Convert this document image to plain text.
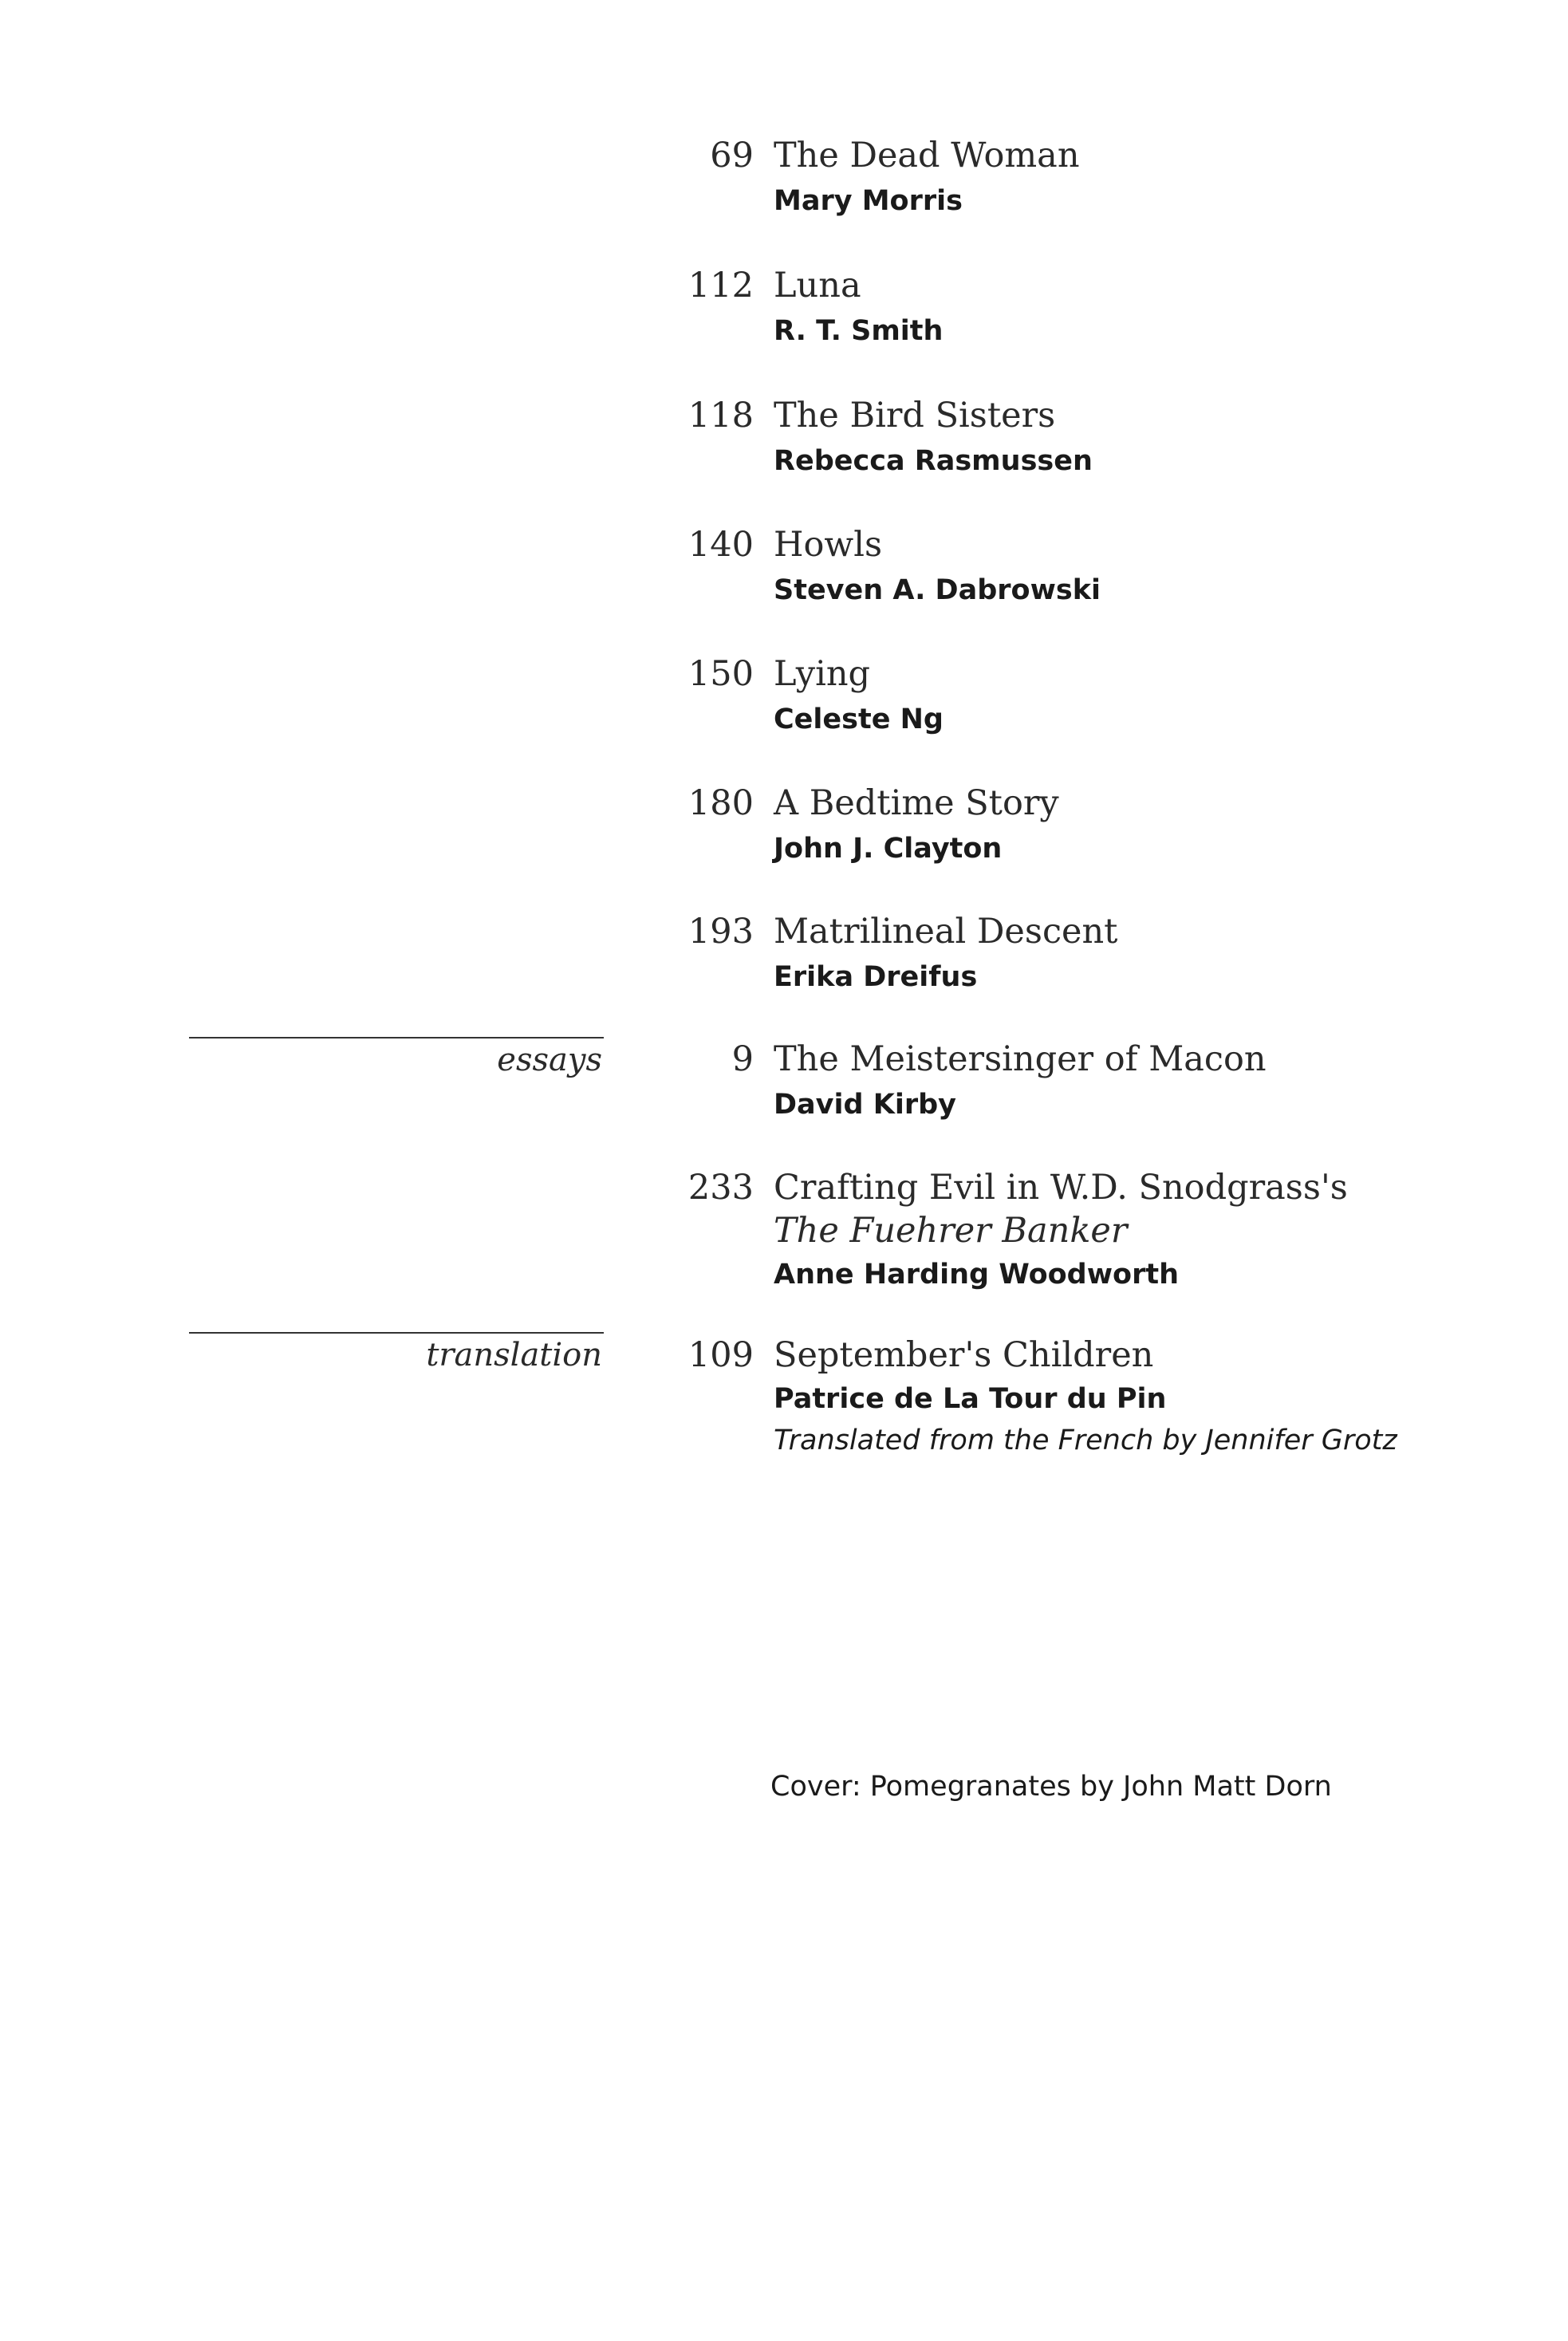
69 The Dead Woman
Mary Morris
112 Luna
R. T. Smith
118 The Bird Sisters
Rebecca Rasmussen
140 Howls
Steven A. Dabrowski
150 Lying
Celeste Ng
180 A Bedtime Story
John J. Clayton
193 Matrilineal Descent
Erika Dreifus
essays	9 The Meistersinger of Macon
David Kirby
233 Crafting Evil in W.D. Snodgrass's
The Fuehrer Banker
Anne Harding Woodworth
translation	109 September's Children
Patrice de La Tour du Pin
Translated from the French by Jennifer Grotz
Cover: Pomegranates by John Matt Dorn
